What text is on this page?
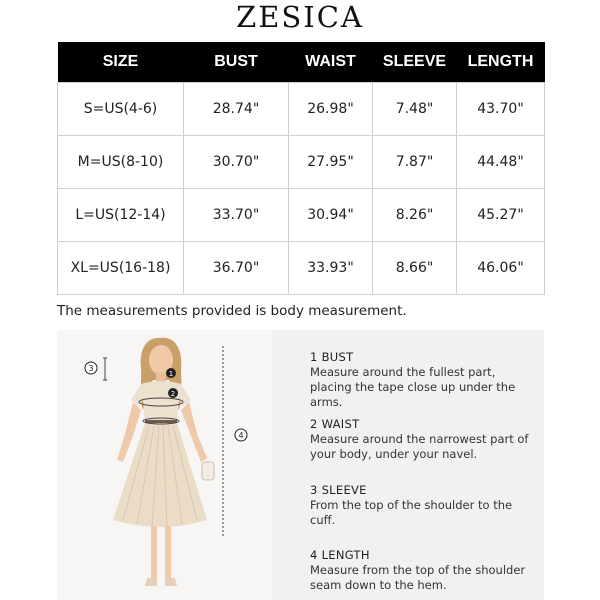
ZESICA
SIZE	BUST	WAIST	SLEEVE	LENGTH
S=US(4-6)	28.74"	26.98"	7.48"	43.70"
M=US(8-10)	30.70"	27.95"	7.87"	44.48"
L=US(12-14)	33.70"	30.94"	8.26"	45.27"
XL=US(16-18)	36.70"	33.93"	8.66"	46.06"
The measurements provided is body measurement.
1
2
3
4
1 BUST
Measure around the fullest part, placing the tape close up under the arms.
2 WAIST
Measure around the narrowest part of your body, under your navel.
3 SLEEVE
From the top of the shoulder to the cuff.
4 LENGTH
Measure from the top of the shoulder seam down to the hem.
